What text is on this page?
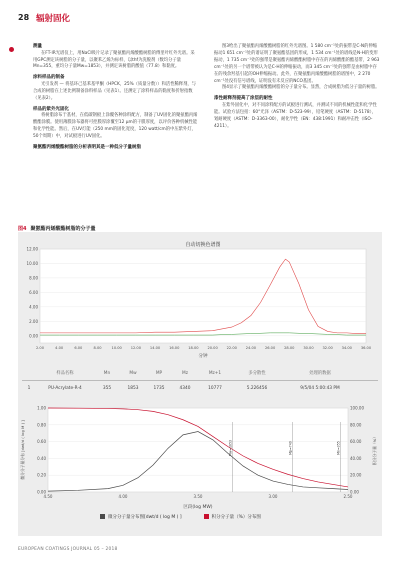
28 辐射固化
测量

在FT-IR光谱仪上，用NaCl吸片记录了聚氨酯丙烯酸酯树脂的傅里叶红外光谱。采用GPC测定该树脂的分子量，以聚苯乙烯为标样，以thf为洗脱剂（数均分子量Mn=355，重均分子量Mw=1853），并测定该树脂的酸值（77.8）和黏度。

涂料样品的制备

光引发剂 — 将基环己基苯基甲酮（HPCK，25%（质量分数））和活性稀释剂，与合成的树脂在上述比例制备涂料样品（见表1）。还测定了涂料样品的黏度和折射指数（见表2）。

样品的紫外光固化

将树脂涂布于基材，在低碳钢板上涂覆各种涂料配方，制备了UV固化的聚氨酯丙烯酸酯涂膜。使用薄膜涂布器将可控膜厚涂覆至12 μm的干膜厚度，以评价各种机械性能和化学性能。然后，在UV灯能（250 mm的固化宽度，120 watt/cm的中压紫外灯，50个周期）中，对试板进行UV固化。

聚氨酯丙烯酸酯树脂的分析表明其是一种低分子量树脂

图3给出了聚氨酯丙烯酸酯树脂的红外光谱图。1 580 cm⁻¹处的振带是C-N的伸缩振动1 651 cm⁻¹处的谱证明了聚氨酯基团的形成，1 534 cm⁻¹处的谱线是N-H的变形振动，1 735 cm⁻¹处的强带是聚氨酯丙烯酸酯树脂中存在的丙烯酸酯的酯基带，2 963 cm⁻¹处的另一个谱带被认为是C-H的伸缩振动，而3 345 cm⁻¹处的强带是由树脂中存在的残余羟基引起的OH伸缩振动。此外，在聚氨酯丙烯酸酯树脂的谱图中，2 270 cm⁻¹处没有信号谱线，证明没有未反应的NCO基团。

图4显示了聚氨酯丙烯酸酯树脂的分子量分布。显然，合成树脂为低分子量的树脂。

漆性耐释剂提高了涂层的耐性

在紫外固化中，对不同涂料配方的试板进行测试，并测试不同的机械性能和化学性能。试验方法包括：60°光泽（ASTM：D-523-99），铅笔硬度（ASTM：D-5178），划耐硬度（ASTM：D-3363-00），耐化学性（EN：438:1991）和耐冲击性（ISO-4211）。

图4 聚氨酯丙烯酸酯树脂的分子量
自动切换色谱图
0.00
2.00
4.00
6.00
8.00
10.00
12.00
2.00	4.00	6.00	8.00	10.00 12.00 14.00 16.00 18.00 20.00 22.00 24.00 26.00 28.00 30.00 32.00 34.00 36.00
分钟
样品名称	Mn	Mw	MP	Mz	Mz+1	多分散性	处理的数据
1	PU-Acrylate-R-4	355	1853	1735	4340	10777	5.226456	9/5/04 5:00:43 PM
0.00
0.20
0.40
0.60
0.80
1.00
0.00
20.00
40.00
60.00
80.00
100.00
4.50	4.00	3.50	3.00	2.50
Mn=355
Mp=740
Mw=1853
区段(log MW)
微分分子量分布 [dwt/d ( log M ) ]	积分分子量（%）
微分分子量分布图[dwt/d ( log M ) ]	积分分子量（%）分布图
EUROPEAN COATINGS JOURNAL 05 – 2018
